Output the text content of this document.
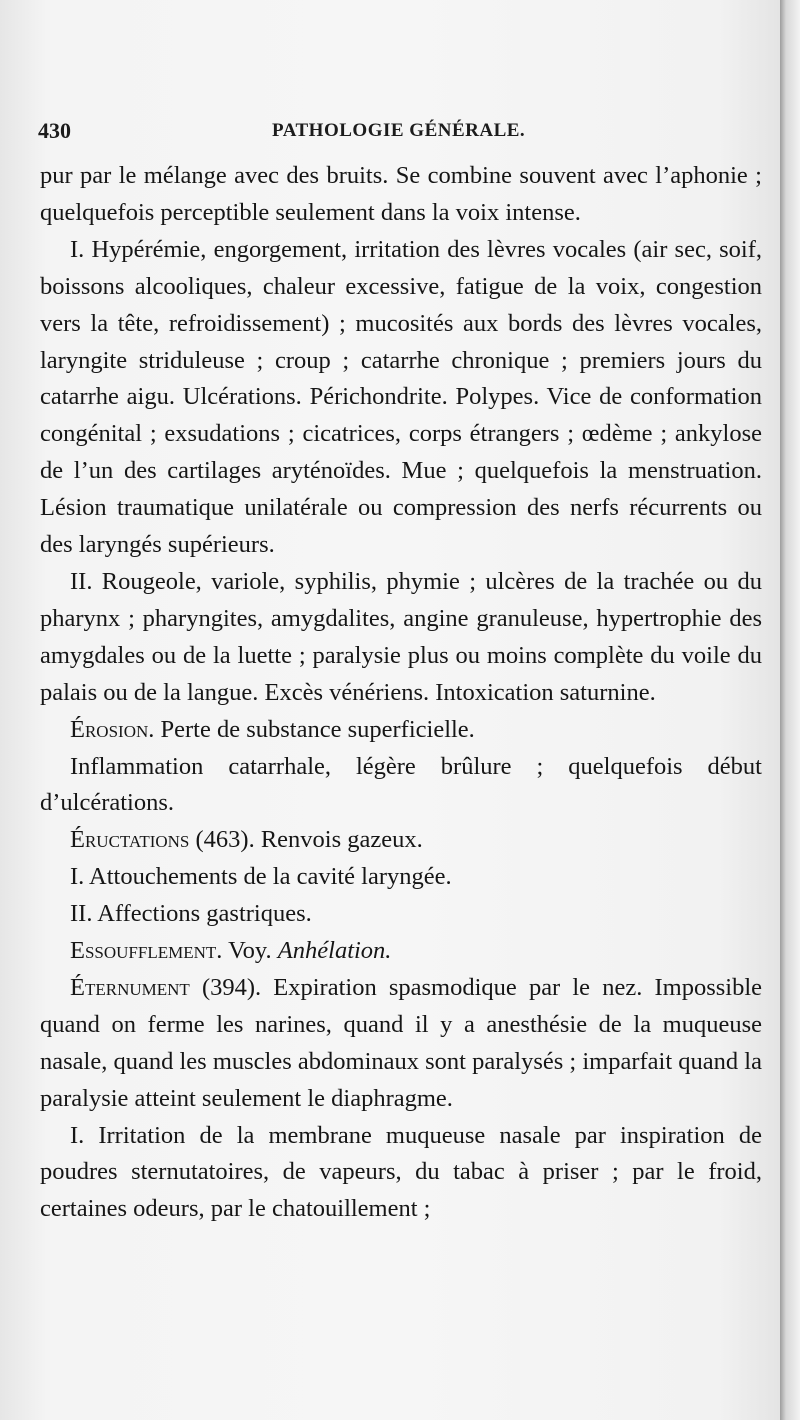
430	PATHOLOGIE GÉNÉRALE.

pur par le mélange avec des bruits. Se combine souvent avec l’aphonie ; quelquefois perceptible seulement dans la voix intense.

I. Hypérémie, engorgement, irritation des lèvres vocales (air sec, soif, boissons alcooliques, chaleur excessive, fatigue de la voix, congestion vers la tête, refroidissement) ; mucosités aux bords des lèvres vocales, laryngite striduleuse ; croup ; catarrhe chronique ; premiers jours du catarrhe aigu. Ulcérations. Périchondrite. Polypes. Vice de conformation congénital ; exsudations ; cicatrices, corps étrangers ; œdème ; ankylose de l’un des cartilages aryténoïdes. Mue ; quelquefois la menstruation. Lésion traumatique unilatérale ou compression des nerfs récurrents ou des laryngés supérieurs.

II. Rougeole, variole, syphilis, phymie ; ulcères de la trachée ou du pharynx ; pharyngites, amygdalites, angine granuleuse, hypertrophie des amygdales ou de la luette ; paralysie plus ou moins complète du voile du palais ou de la langue. Excès vénériens. Intoxication saturnine.

Érosion. Perte de substance superficielle.

Inflammation catarrhale, légère brûlure ; quelquefois début d’ulcérations.

Éructations (463). Renvois gazeux.

I. Attouchements de la cavité laryngée.

II. Affections gastriques.

Essoufflement. Voy. Anhélation.

Éternument (394). Expiration spasmodique par le nez. Impossible quand on ferme les narines, quand il y a anesthésie de la muqueuse nasale, quand les muscles abdominaux sont paralysés ; imparfait quand la paralysie atteint seulement le diaphragme.

I. Irritation de la membrane muqueuse nasale par inspiration de poudres sternutatoires, de vapeurs, du tabac à priser ; par le froid, certaines odeurs, par le chatouillement ;
